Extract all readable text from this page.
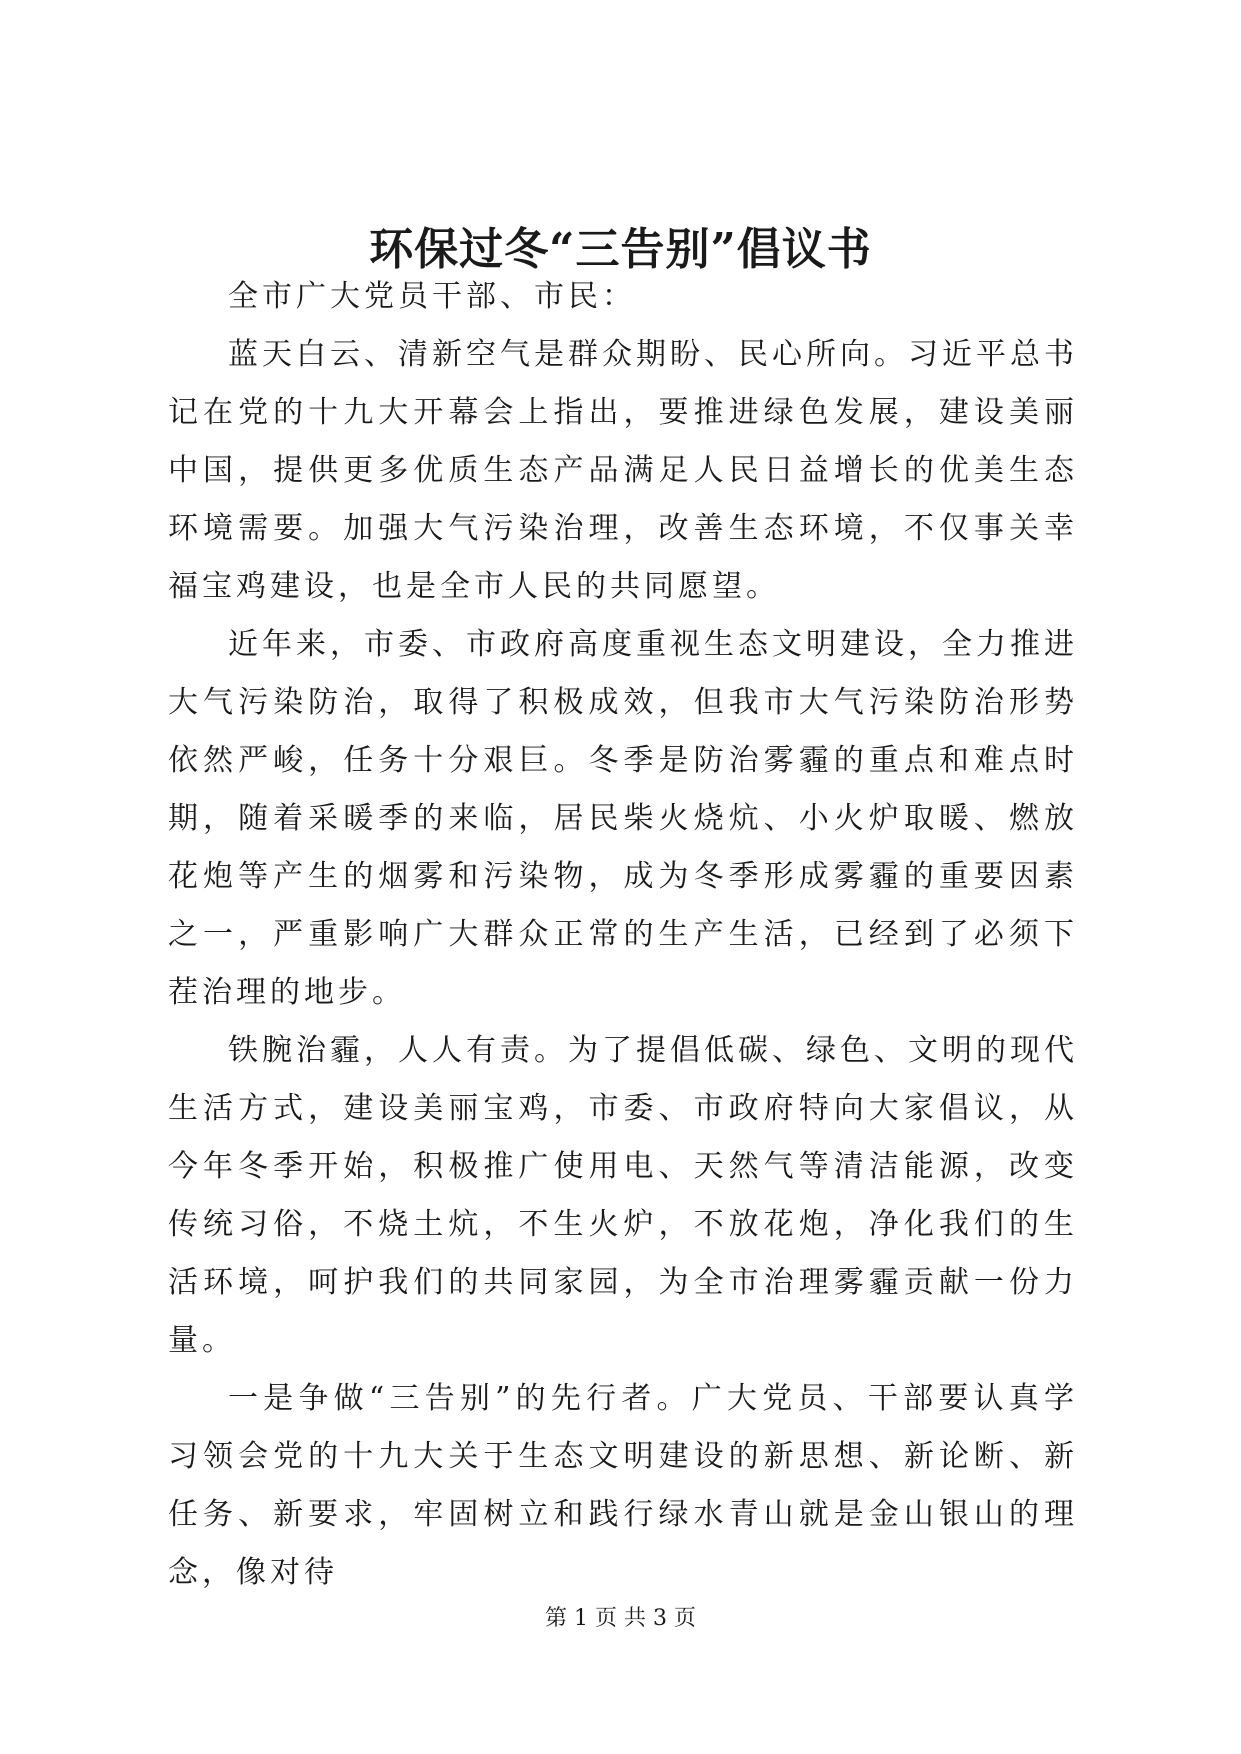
环保过冬“三告别”倡议书

全市广大党员干部、市民：

蓝天白云、清新空气是群众期盼、民心所向。习近平总书记在党的十九大开幕会上指出，要推进绿色发展，建设美丽中国，提供更多优质生态产品满足人民日益增长的优美生态环境需要。加强大气污染治理，改善生态环境，不仅事关幸福宝鸡建设，也是全市人民的共同愿望。

近年来，市委、市政府高度重视生态文明建设，全力推进大气污染防治，取得了积极成效，但我市大气污染防治形势依然严峻，任务十分艰巨。冬季是防治雾霾的重点和难点时期，随着采暖季的来临，居民柴火烧炕、小火炉取暖、燃放花炮等产生的烟雾和污染物，成为冬季形成雾霾的重要因素之一，严重影响广大群众正常的生产生活，已经到了必须下茬治理的地步。

铁腕治霾，人人有责。为了提倡低碳、绿色、文明的现代生活方式，建设美丽宝鸡，市委、市政府特向大家倡议，从今年冬季开始，积极推广使用电、天然气等清洁能源，改变传统习俗，不烧土炕，不生火炉，不放花炮，净化我们的生活环境，呵护我们的共同家园，为全市治理雾霾贡献一份力量。

一是争做“三告别”的先行者。广大党员、干部要认真学习领会党的十九大关于生态文明建设的新思想、新论断、新任务、新要求，牢固树立和践行绿水青山就是金山银山的理念，像对待

第 1 页 共 3 页
